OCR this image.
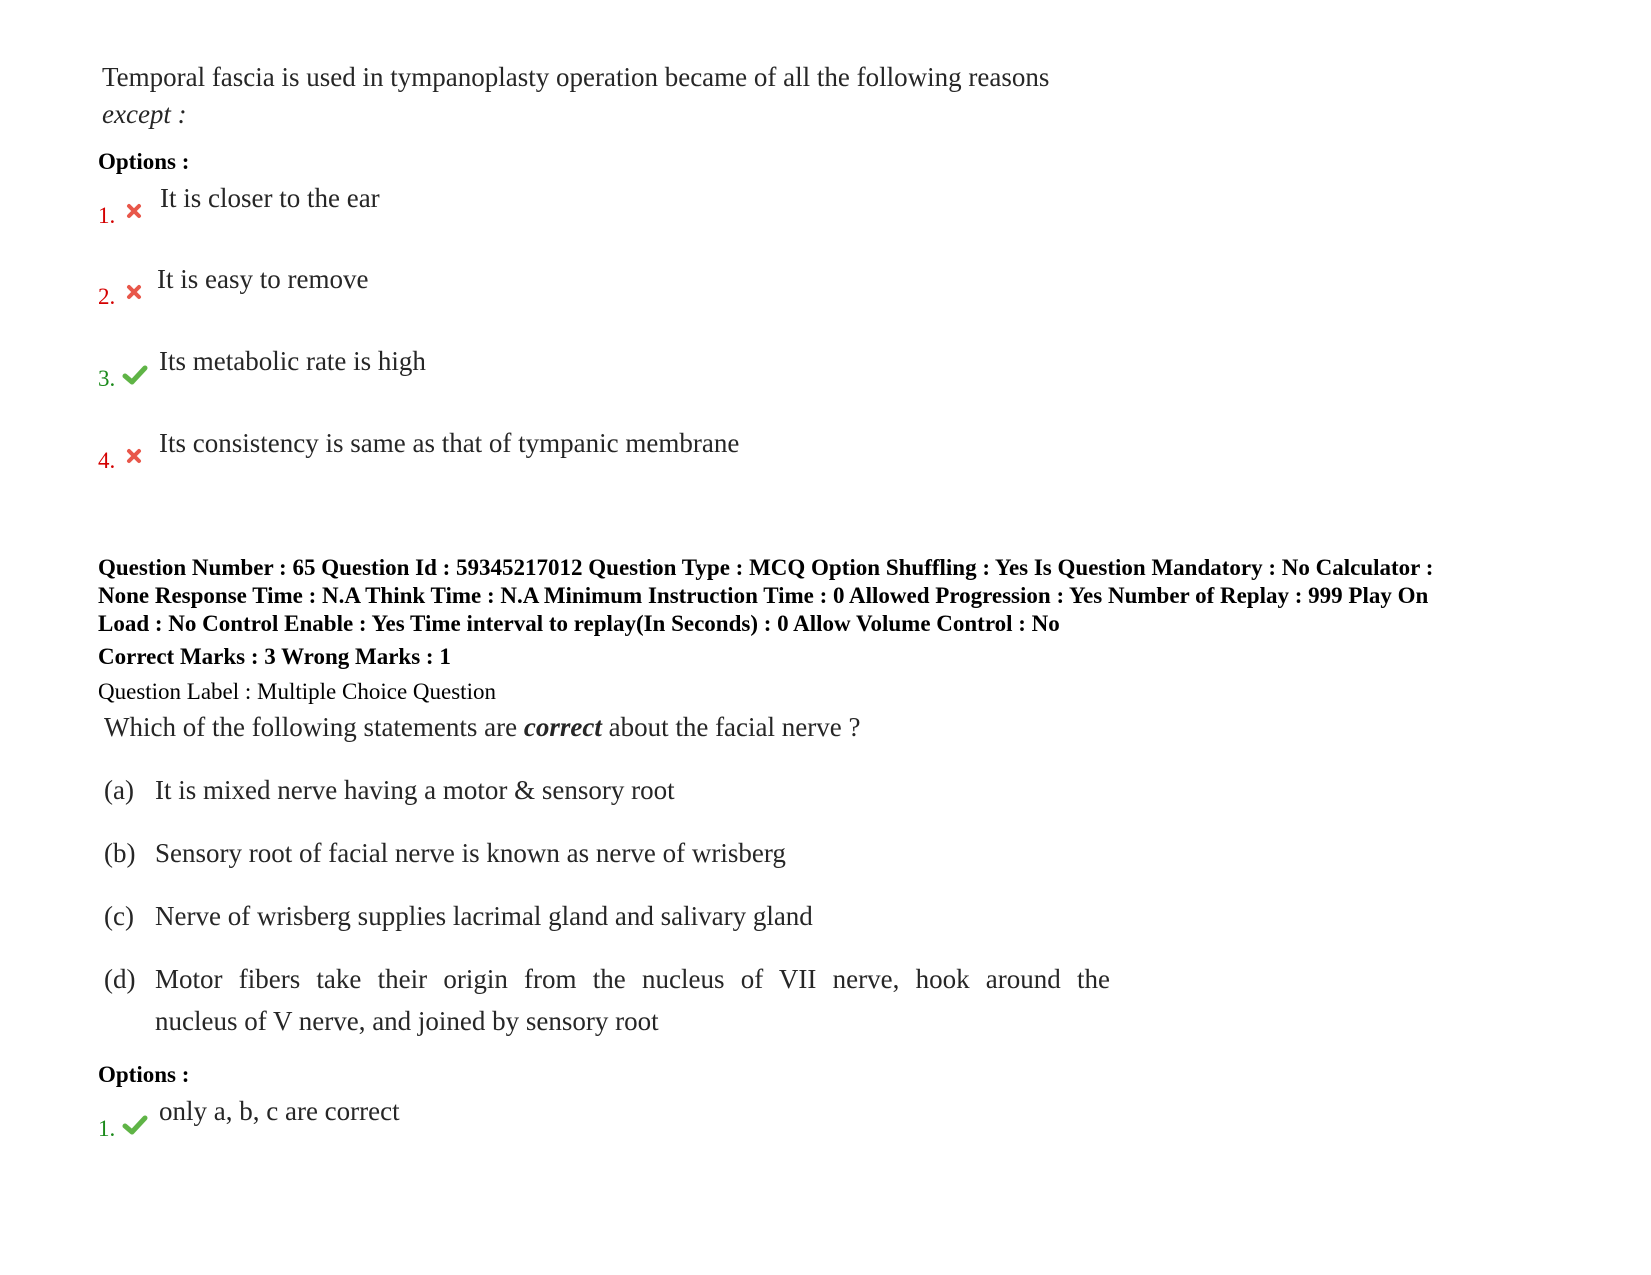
Temporal fascia is used in tympanoplasty operation became of all the following reasons
except :
Options :
1.
It is closer to the ear
2.
It is easy to remove
3.
Its metabolic rate is high
4.
Its consistency is same as that of tympanic membrane
Question Number : 65 Question Id : 59345217012 Question Type : MCQ Option Shuffling : Yes Is Question Mandatory : No Calculator :
None Response Time : N.A Think Time : N.A Minimum Instruction Time : 0 Allowed Progression : Yes Number of Replay : 999 Play On
Load : No Control Enable : Yes Time interval to replay(In Seconds) : 0 Allow Volume Control : No
Correct Marks : 3 Wrong Marks : 1
Question Label : Multiple Choice Question
Which of the following statements are correct about the facial nerve ?
(a) It is mixed nerve having a motor & sensory root
(b) Sensory root of facial nerve is known as nerve of wrisberg
(c) Nerve of wrisberg supplies lacrimal gland and salivary gland
(d) Motor fibers take their origin from the nucleus of VII nerve, hook around the
nucleus of V nerve, and joined by sensory root
Options :
1.
only a, b, c are correct
